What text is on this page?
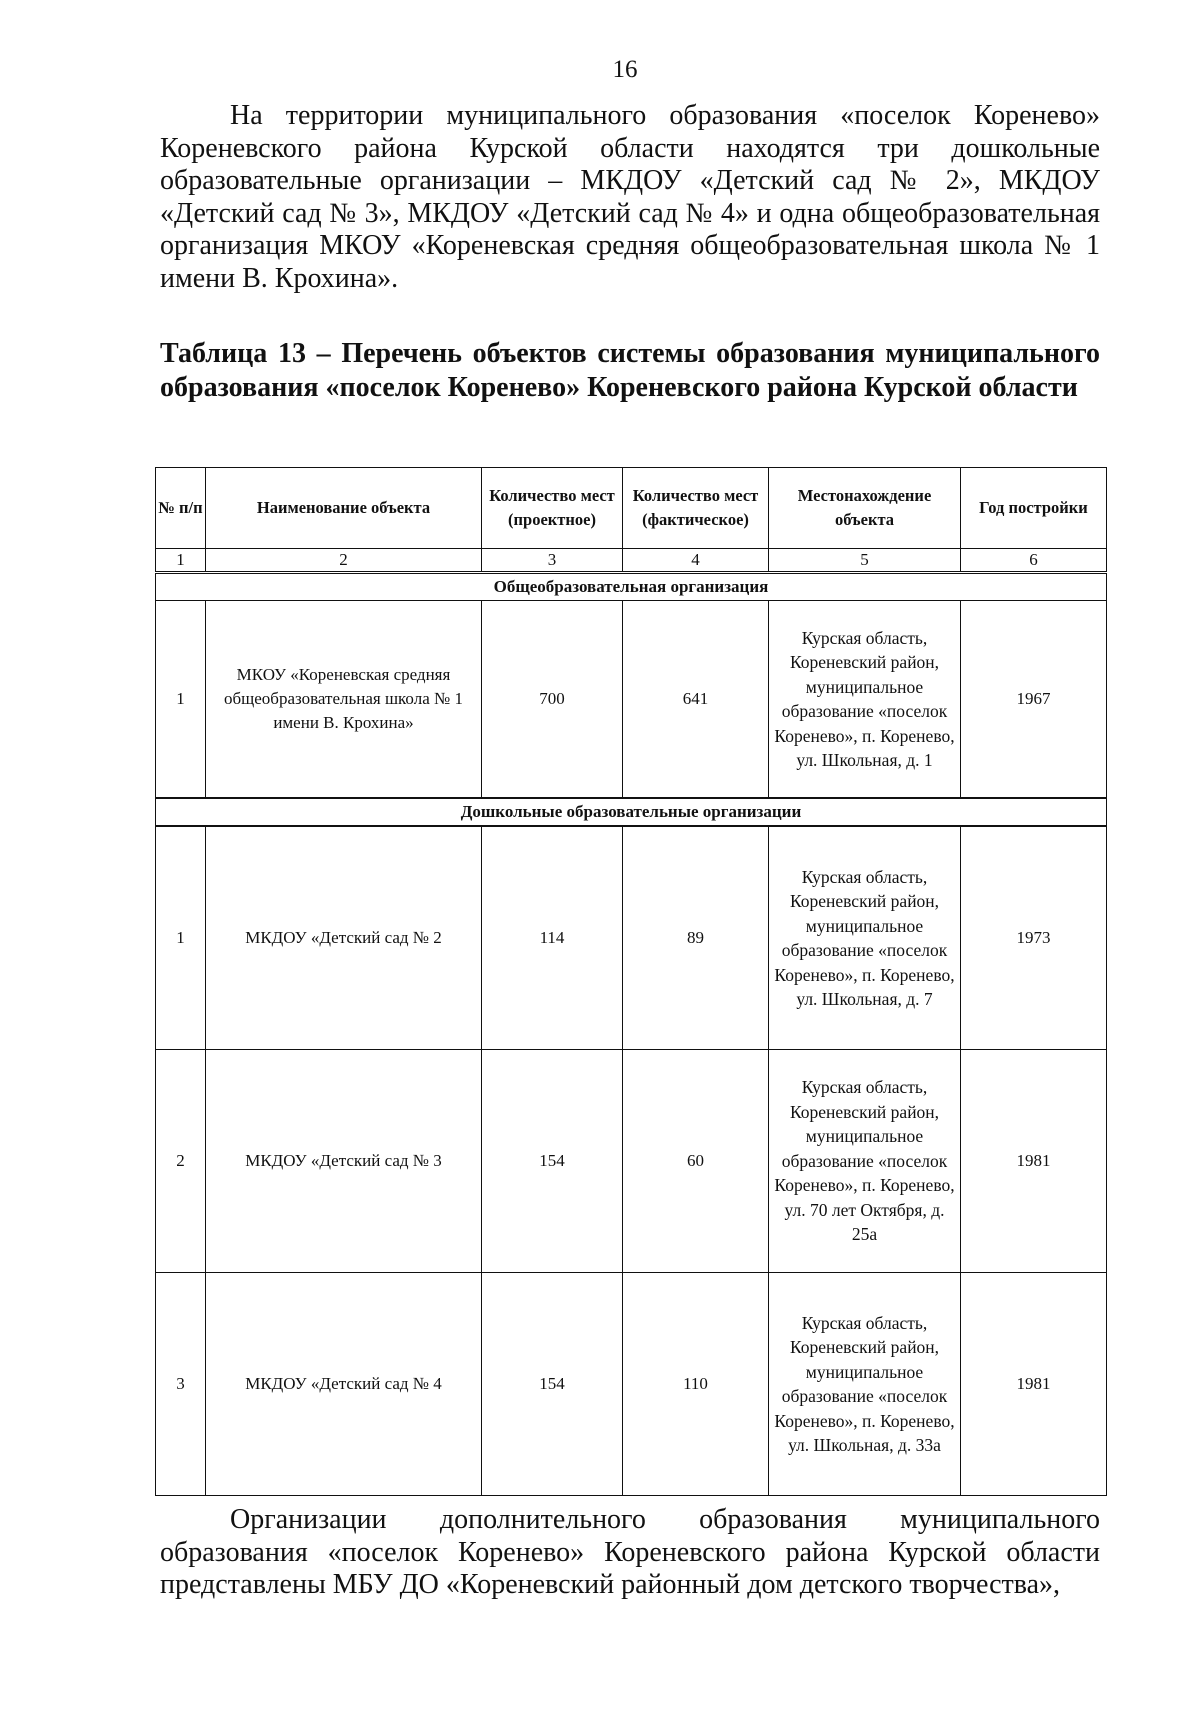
16

На территории муниципального образования «поселок Коренево» Кореневского района Курской области находятся три дошкольные образовательные организации – МКДОУ «Детский сад № 2», МКДОУ «Детский сад № 3», МКДОУ «Детский сад № 4» и одна общеобразовательная организация МКОУ «Кореневская средняя общеобразовательная школа № 1 имени В. Крохина».

Таблица 13 – Перечень объектов системы образования муниципального образования «поселок Коренево» Кореневского района Курской области

№ п/п	Наименование объекта	Количество мест (проектное)	Количество мест (фактическое)	Местонахождение объекта	Год постройки
1	2	3	4	5	6
Общеобразовательная организация					
1	МКОУ «Кореневская средняя общеобразовательная школа № 1 имени В. Крохина»	700	641	Курская область, Кореневский район, муниципальное образование «поселок Коренево», п. Коренево, ул. Школьная, д. 1	1967
Дошкольные образовательные организации					
1	МКДОУ «Детский сад № 2	114	89	Курская область, Кореневский район, муниципальное образование «поселок Коренево», п. Коренево, ул. Школьная, д. 7	1973
2	МКДОУ «Детский сад № 3	154	60	Курская область, Кореневский район, муниципальное образование «поселок Коренево», п. Коренево, ул. 70 лет Октября, д. 25а	1981
3	МКДОУ «Детский сад № 4	154	110	Курская область, Кореневский район, муниципальное образование «поселок Коренево», п. Коренево, ул. Школьная, д. 33а	1981

Организации дополнительного образования муниципального образования «поселок Коренево» Кореневского района Курской области представлены МБУ ДО «Кореневский районный дом детского творчества»,
